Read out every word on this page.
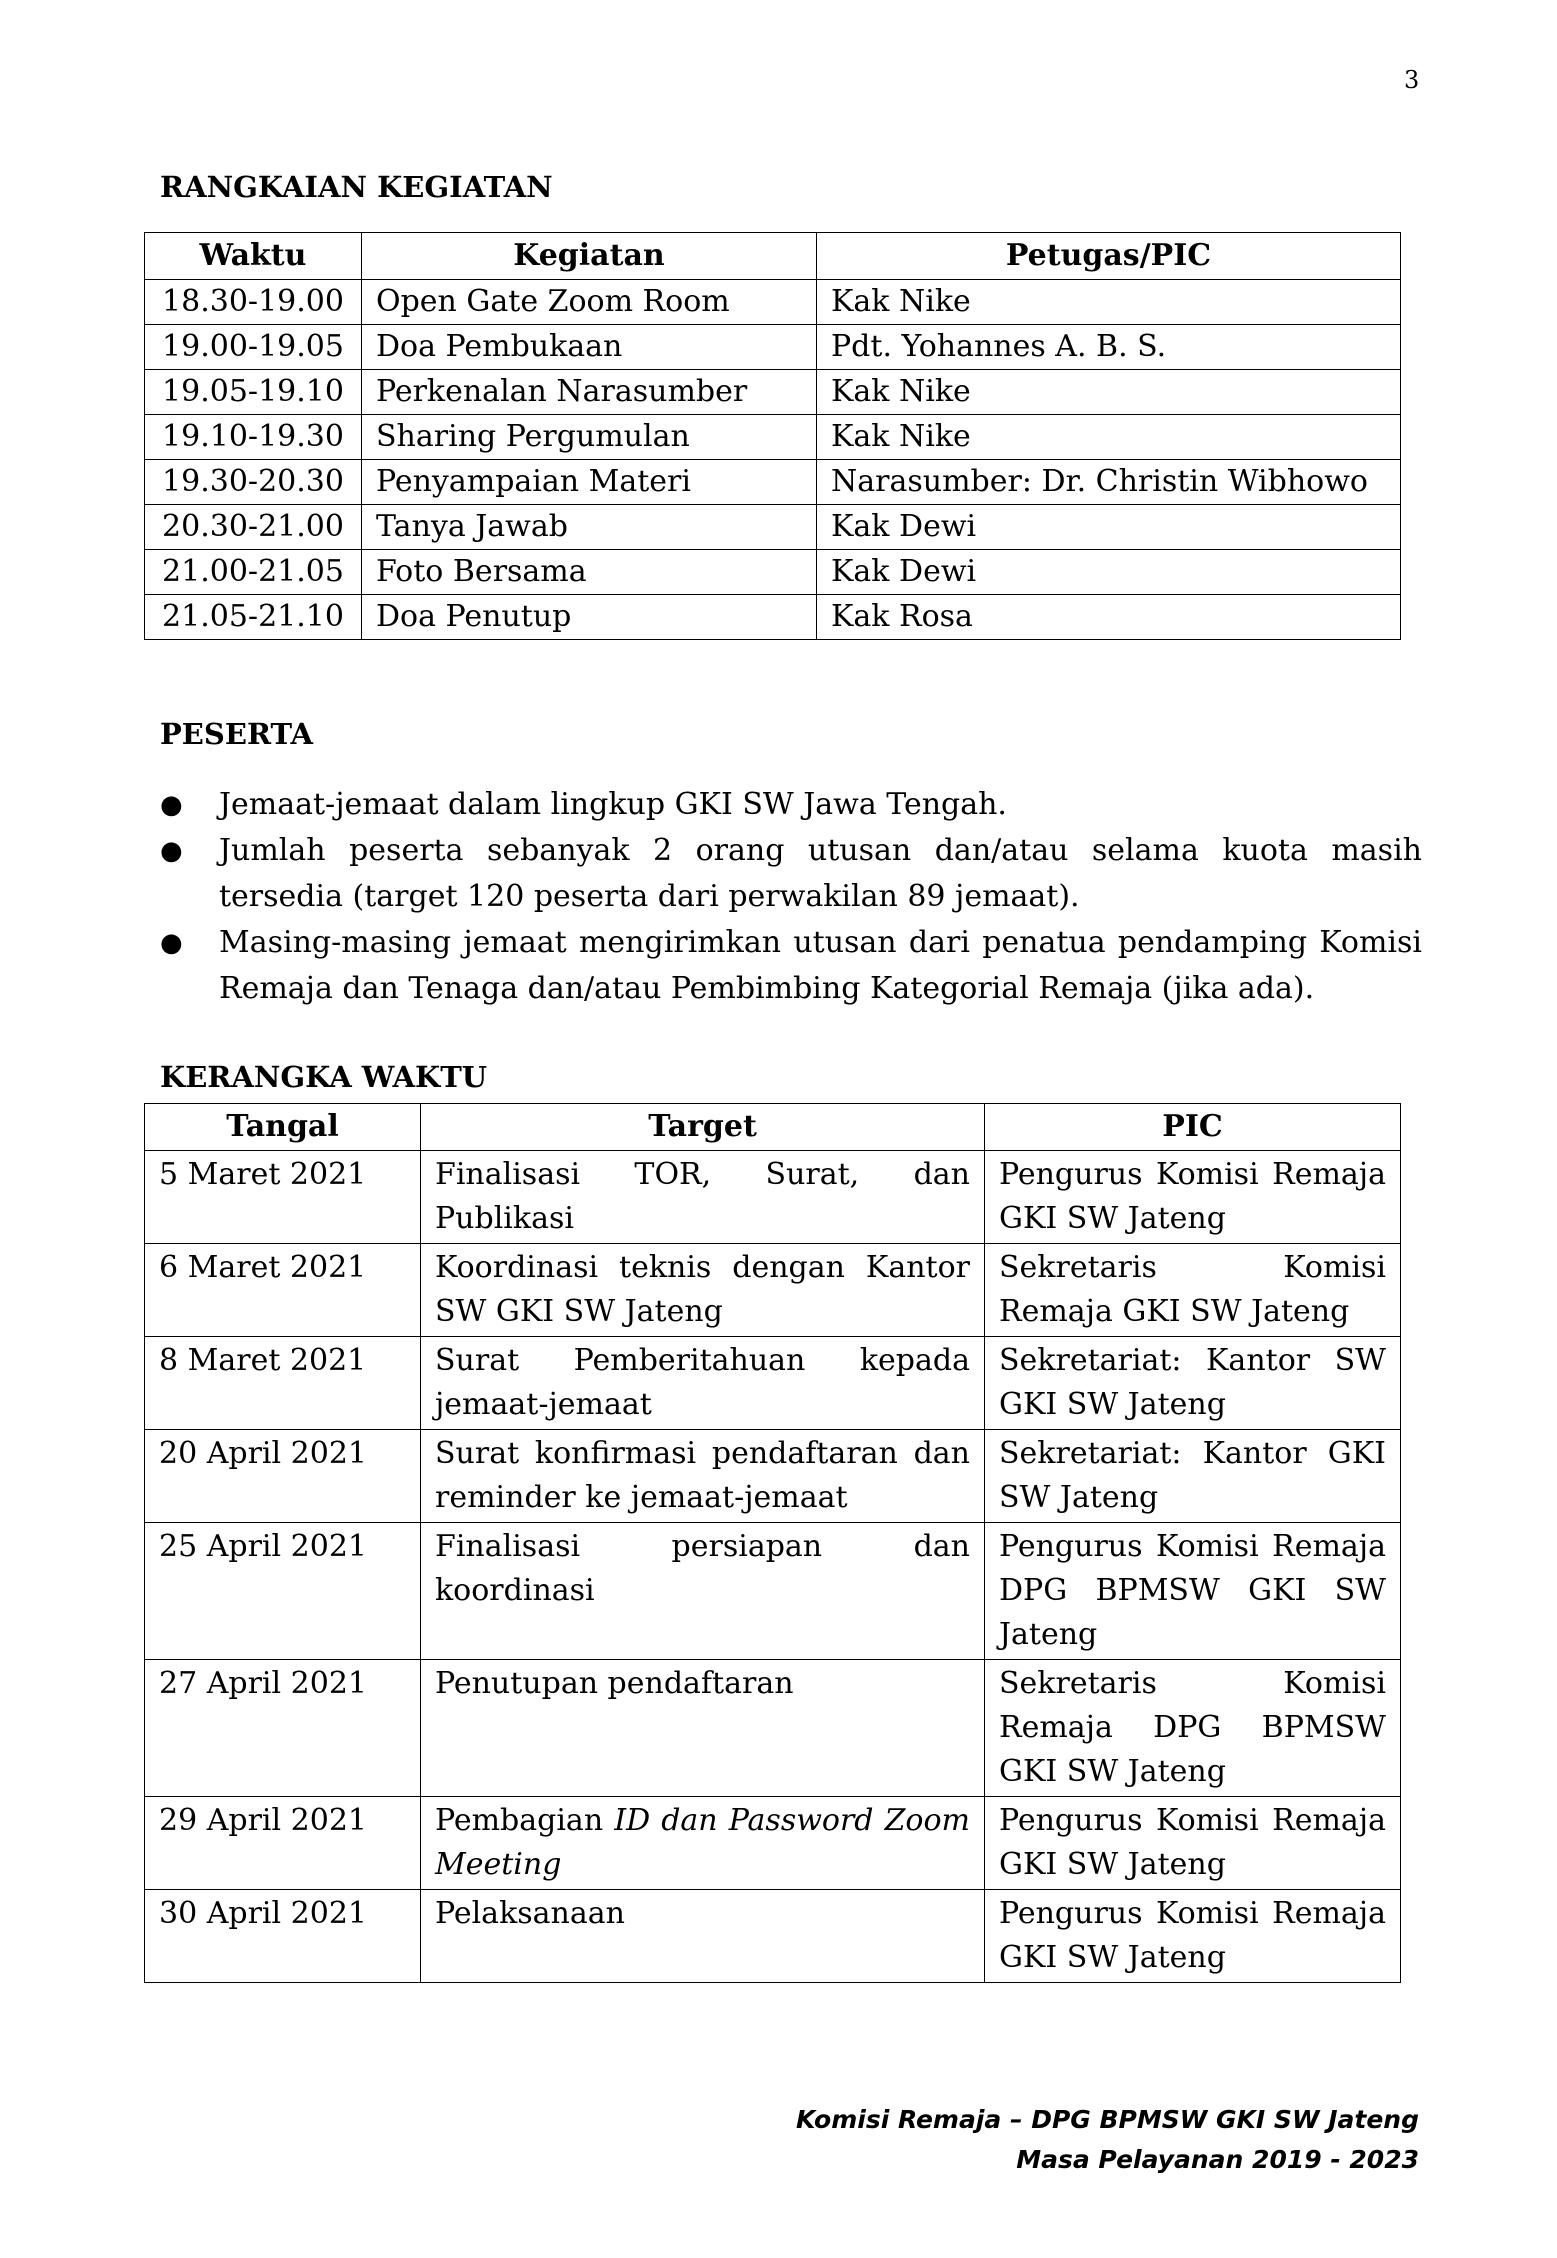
3
RANGKAIAN KEGIATAN
Waktu	Kegiatan	Petugas/PIC
18.30-19.00	Open Gate Zoom Room	Kak Nike
19.00-19.05	Doa Pembukaan	Pdt. Yohannes A. B. S.
19.05-19.10	Perkenalan Narasumber	Kak Nike
19.10-19.30	Sharing Pergumulan	Kak Nike
19.30-20.30	Penyampaian Materi	Narasumber: Dr. Christin Wibhowo
20.30-21.00	Tanya Jawab	Kak Dewi
21.00-21.05	Foto Bersama	Kak Dewi
21.05-21.10	Doa Penutup	Kak Rosa
PESERTA
● Jemaat-jemaat dalam lingkup GKI SW Jawa Tengah.
● Jumlah peserta sebanyak 2 orang utusan dan/atau selama kuota masih tersedia (target 120 peserta dari perwakilan 89 jemaat).
● Masing-masing jemaat mengirimkan utusan dari penatua pendamping Komisi Remaja dan Tenaga dan/atau Pembimbing Kategorial Remaja (jika ada).
KERANGKA WAKTU
Tangal	Target	PIC
5 Maret 2021	Finalisasi TOR, Surat, dan Publikasi	Pengurus Komisi Remaja GKI SW Jateng
6 Maret 2021	Koordinasi teknis dengan Kantor SW GKI SW Jateng	Sekretaris Komisi Remaja GKI SW Jateng
8 Maret 2021	Surat Pemberitahuan kepada jemaat-jemaat	Sekretariat: Kantor SW GKI SW Jateng
20 April 2021	Surat konfirmasi pendaftaran dan reminder ke jemaat-jemaat	Sekretariat: Kantor GKI SW Jateng
25 April 2021	Finalisasi persiapan dan koordinasi	Pengurus Komisi Remaja DPG BPMSW GKI SW Jateng
27 April 2021	Penutupan pendaftaran	Sekretaris Komisi Remaja DPG BPMSW GKI SW Jateng
29 April 2021	Pembagian ID dan Password Zoom Meeting	Pengurus Komisi Remaja GKI SW Jateng
30 April 2021	Pelaksanaan	Pengurus Komisi Remaja GKI SW Jateng
Komisi Remaja – DPG BPMSW GKI SW Jateng
Masa Pelayanan 2019 - 2023
